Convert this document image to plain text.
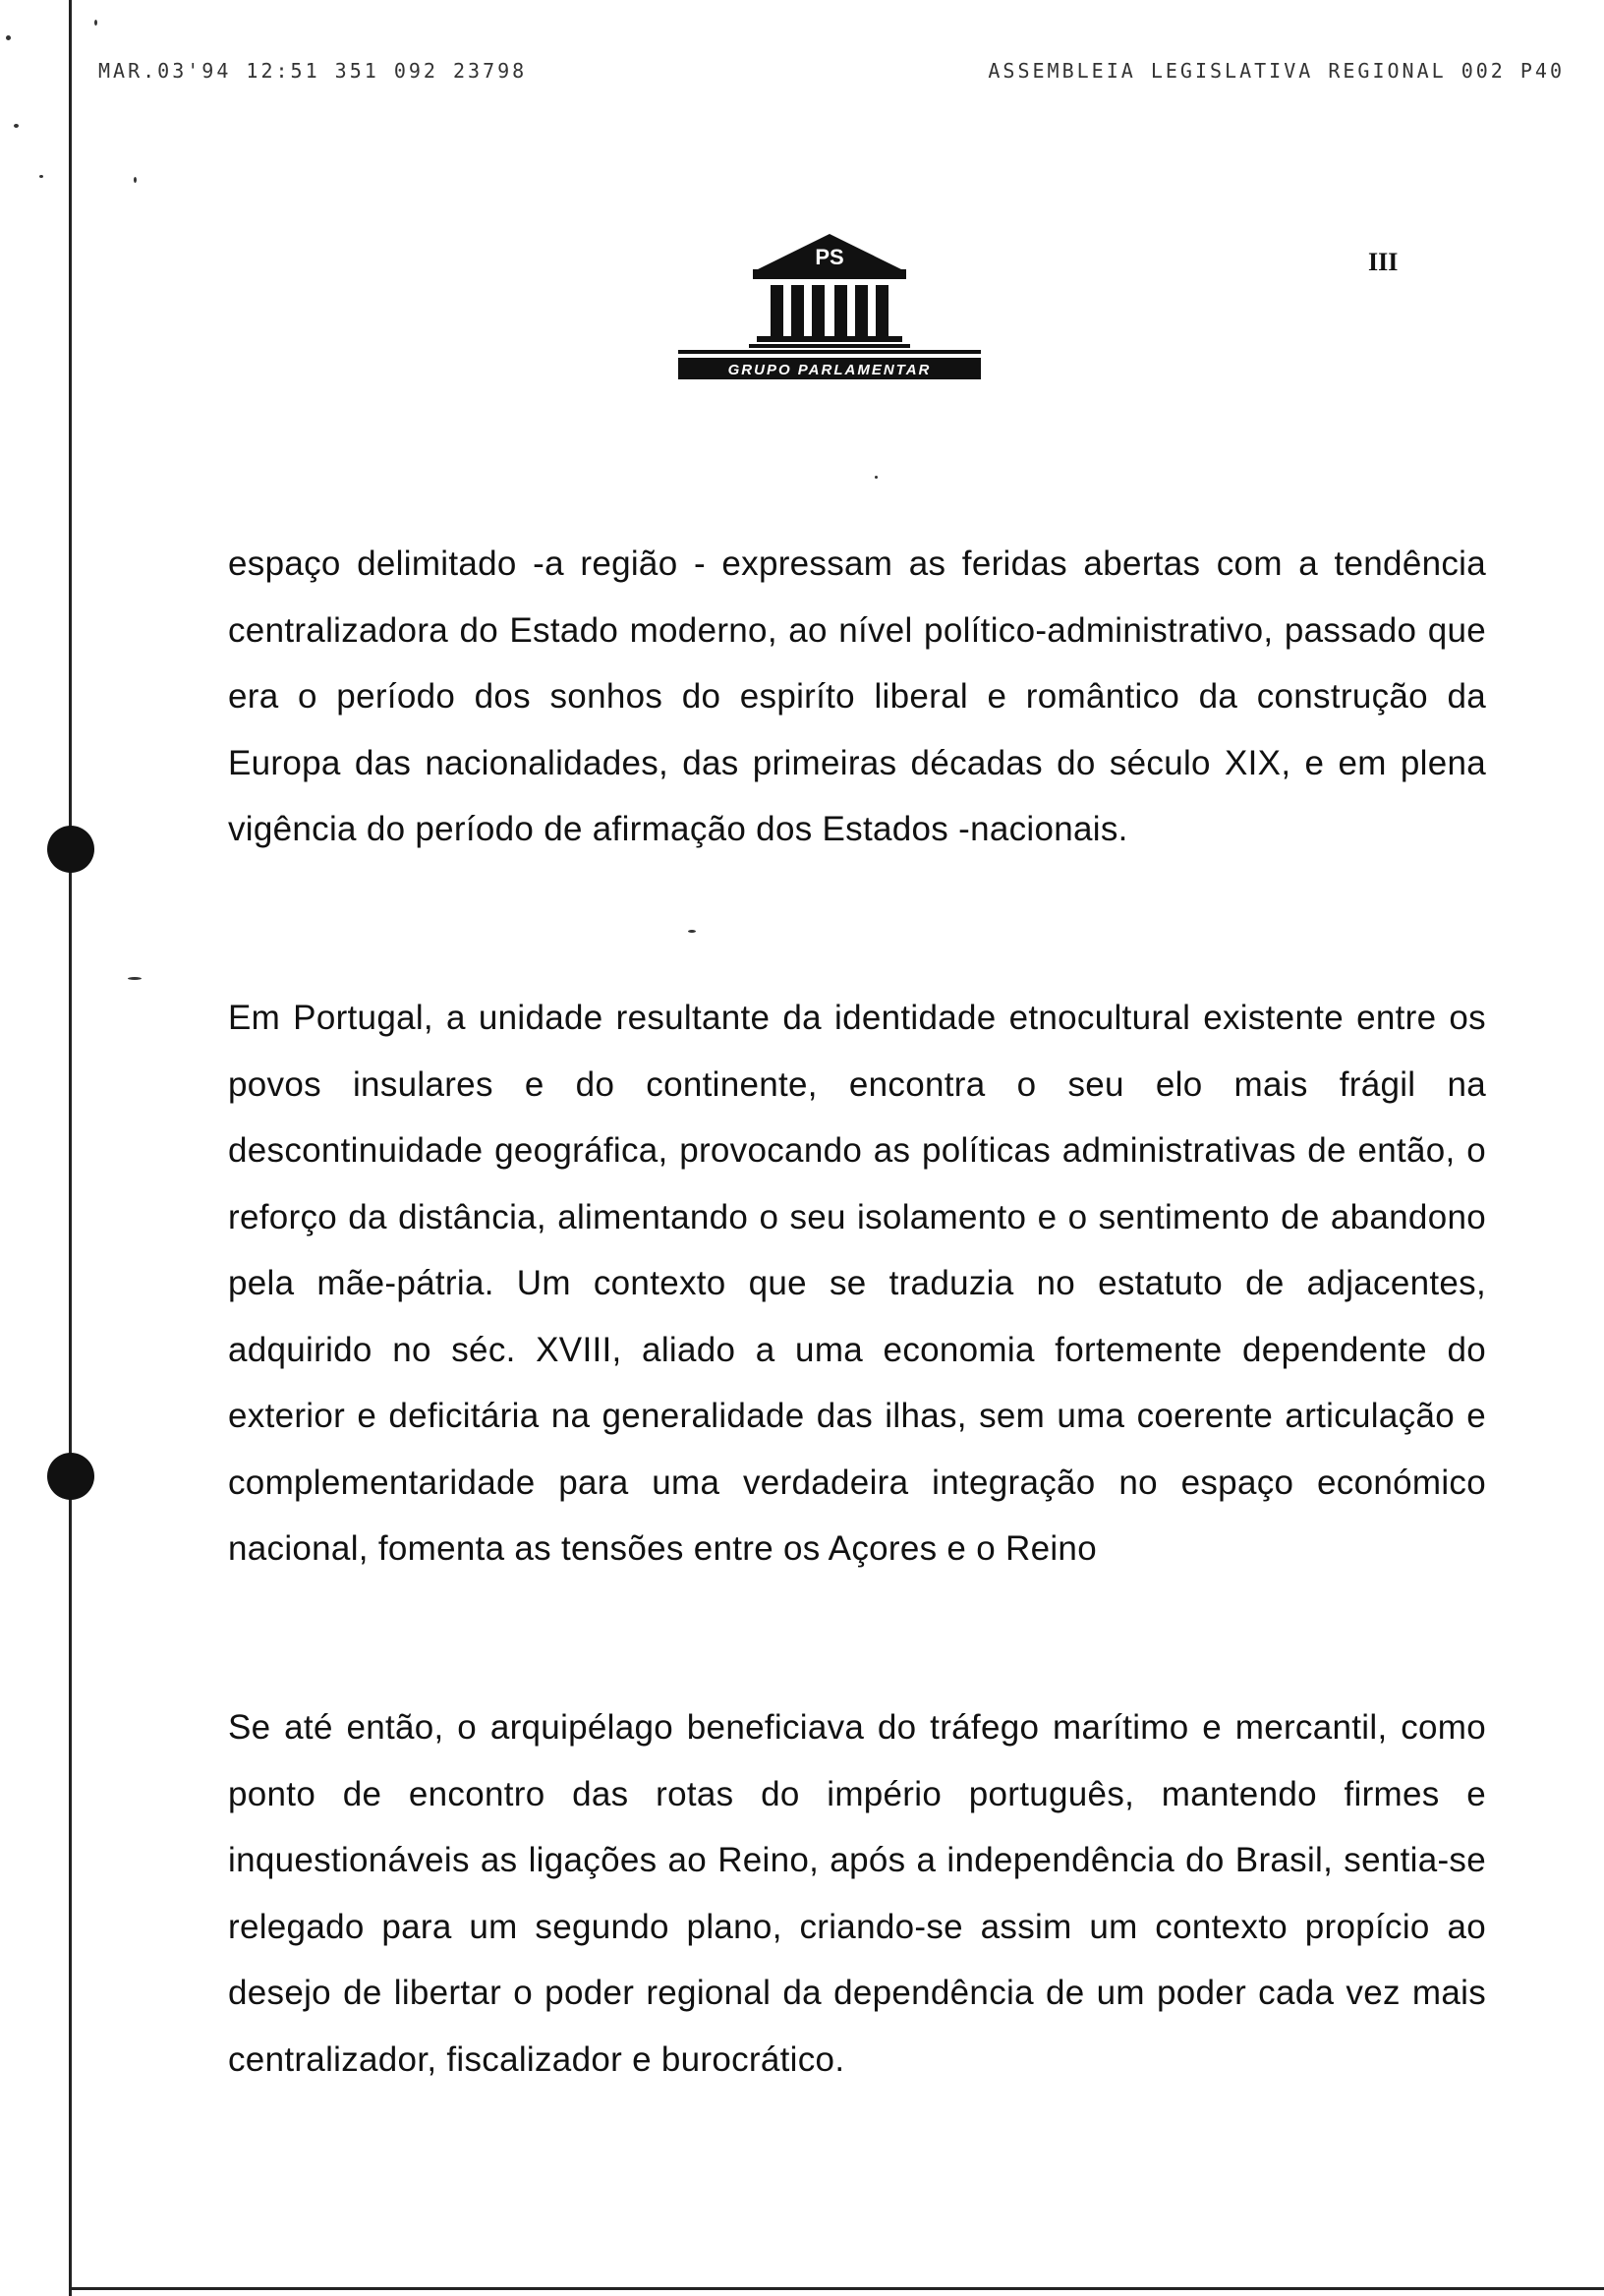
MAR.03'94 12:51 351 092 23798	ASSEMBLEIA LEGISLATIVA REGIONAL 002 P40
PS
GRUPO PARLAMENTAR
III

espaço delimitado -a região - expressam as feridas abertas com a tendência centralizadora do Estado moderno, ao nível político-administrativo, passado que era o período dos sonhos do espiríto liberal e romântico da construção da Europa das nacionalidades, das primeiras décadas do século XIX, e em plena vigência do período de afirmação dos Estados -nacionais.

Em Portugal, a unidade resultante da identidade etnocultural existente entre os povos insulares e do continente, encontra o seu elo mais frágil na descontinuidade geográfica, provocando as políticas administrativas de então, o reforço da distância, alimentando o seu isolamento e o sentimento de abandono pela mãe-pátria. Um contexto que se traduzia no estatuto de adjacentes, adquirido no séc. XVIII, aliado a uma economia fortemente dependente do exterior e deficitária na generalidade das ilhas, sem uma coerente articulação e complementaridade para uma verdadeira integração no espaço económico nacional, fomenta as tensões entre os Açores e o Reino

Se até então, o arquipélago beneficiava do tráfego marítimo e mercantil, como ponto de encontro das rotas do império português, mantendo firmes e inquestionáveis as ligações ao Reino, após a independência do Brasil, sentia-se relegado para um segundo plano, criando-se assim um contexto propício ao desejo de libertar o poder regional da dependência de um poder cada vez mais centralizador, fiscalizador e burocrático.
